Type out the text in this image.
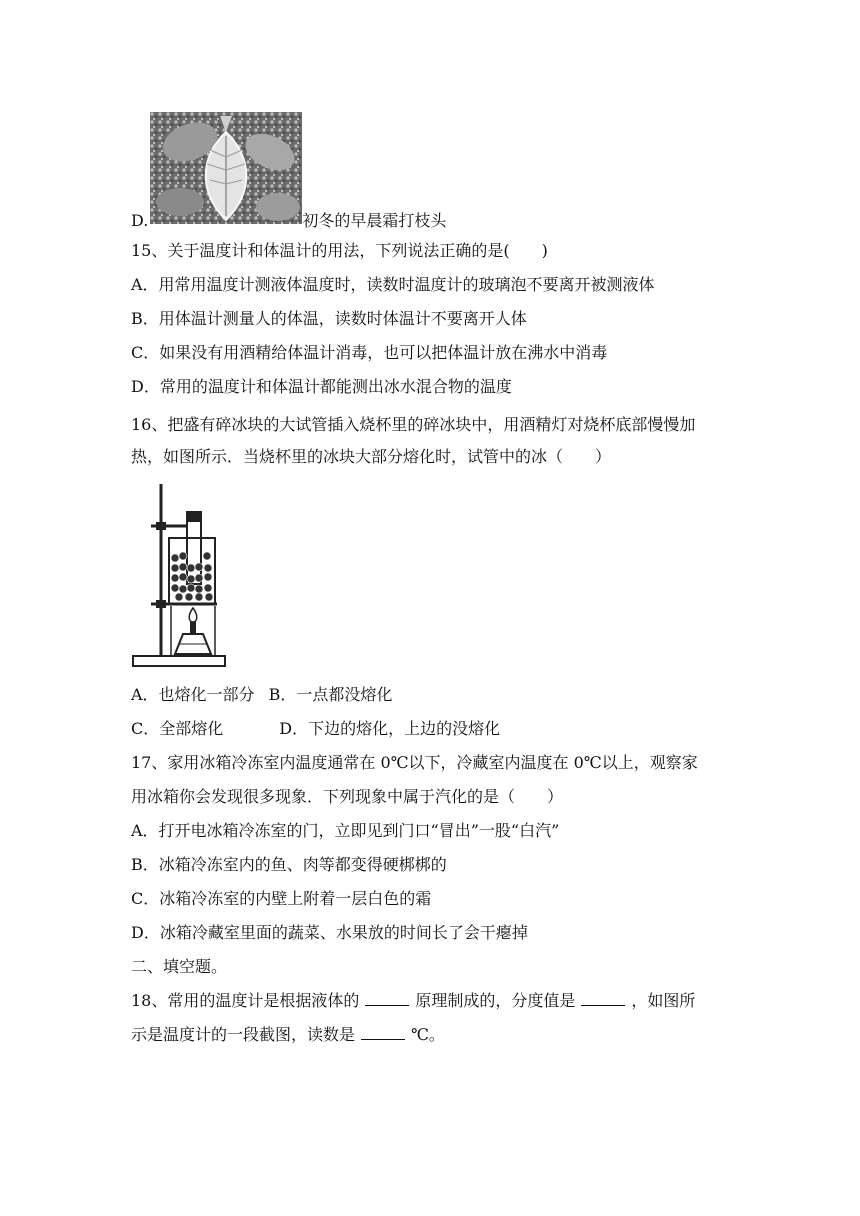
D.	初冬的早晨霜打枝头
15、关于温度计和体温计的用法，下列说法正确的是(　　)
A．用常用温度计测液体温度时，读数时温度计的玻璃泡不要离开被测液体
B．用体温计测量人的体温，读数时体温计不要离开人体
C．如果没有用酒精给体温计消毒，也可以把体温计放在沸水中消毒
D．常用的温度计和体温计都能测出冰水混合物的温度
16、把盛有碎冰块的大试管插入烧杯里的碎冰块中，用酒精灯对烧杯底部慢慢加
热，如图所示．当烧杯里的冰块大部分熔化时，试管中的冰（　　）
A．也熔化一部分 B．一点都没熔化
C．全部熔化	D．下边的熔化，上边的没熔化
17、家用冰箱冷冻室内温度通常在 0℃以下，冷藏室内温度在 0℃以上，观察家
用冰箱你会发现很多现象．下列现象中属于汽化的是（　　）
A．打开电冰箱冷冻室的门，立即见到门口“冒出”一股“白汽”
B．冰箱冷冻室内的鱼、肉等都变得硬梆梆的
C．冰箱冷冻室的内壁上附着一层白色的霜
D．冰箱冷藏室里面的蔬菜、水果放的时间长了会干瘪掉
二、填空题。
18、常用的温度计是根据液体的	原理制成的，分度值是	，如图所
示是温度计的一段截图，读数是	℃。
